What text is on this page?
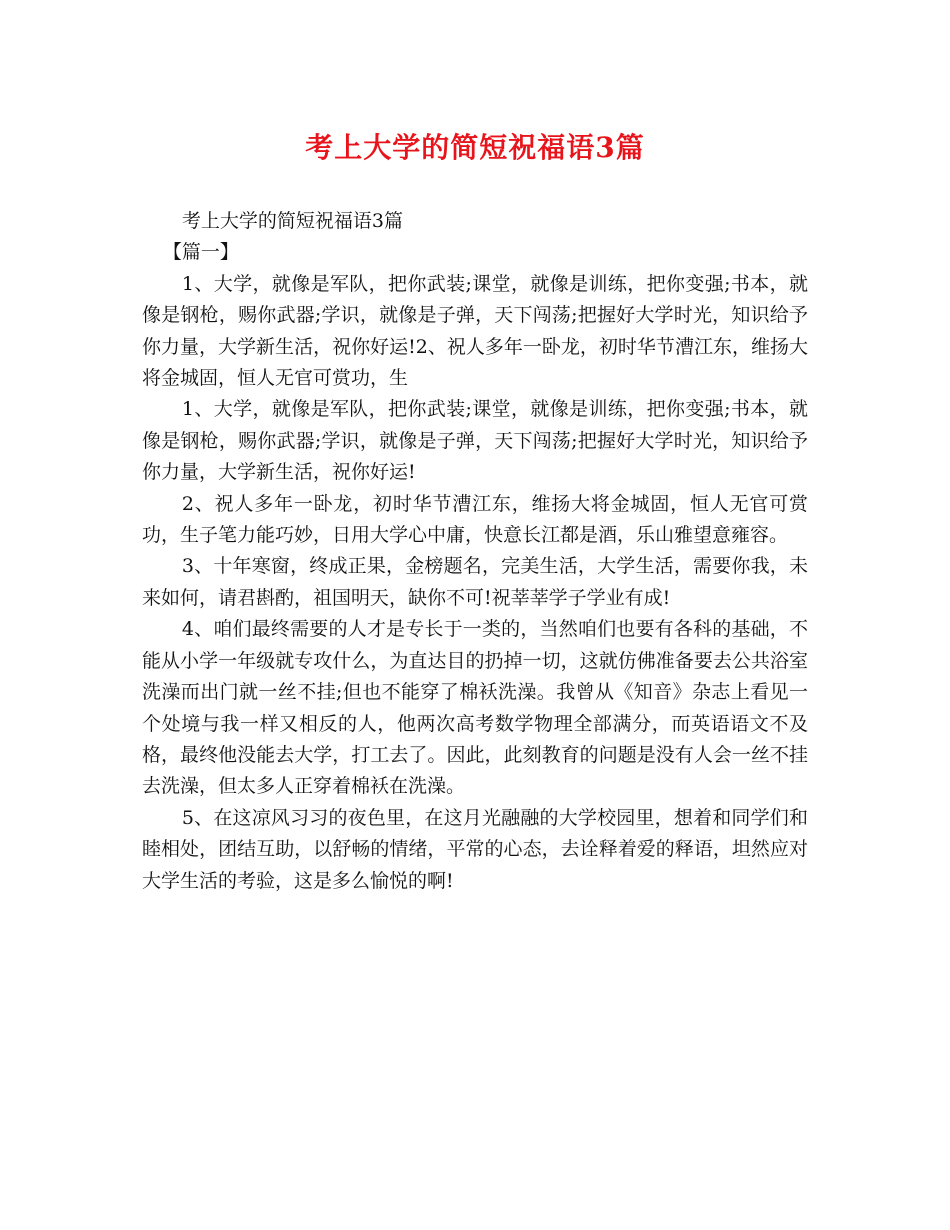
考上大学的简短祝福语3篇

考上大学的简短祝福语3篇

【篇一】

1、大学，就像是军队，把你武装;课堂，就像是训练，把你变强;书本，就像是钢枪，赐你武器;学识，就像是子弹，天下闯荡;把握好大学时光，知识给予你力量，大学新生活，祝你好运!2、祝人多年一卧龙，初时华节漕江东，维扬大将金城固，恒人无官可赏功，生

1、大学，就像是军队，把你武装;课堂，就像是训练，把你变强;书本，就像是钢枪，赐你武器;学识，就像是子弹，天下闯荡;把握好大学时光，知识给予你力量，大学新生活，祝你好运!

2、祝人多年一卧龙，初时华节漕江东，维扬大将金城固，恒人无官可赏功，生子笔力能巧妙，日用大学心中庸，快意长江都是酒，乐山雅望意雍容。

3、十年寒窗，终成正果，金榜题名，完美生活，大学生活，需要你我，未来如何，请君斟酌，祖国明天，缺你不可!祝莘莘学子学业有成!

4、咱们最终需要的人才是专长于一类的，当然咱们也要有各科的基础，不能从小学一年级就专攻什么，为直达目的扔掉一切，这就仿佛准备要去公共浴室洗澡而出门就一丝不挂;但也不能穿了棉袄洗澡。我曾从《知音》杂志上看见一个处境与我一样又相反的人，他两次高考数学物理全部满分，而英语语文不及格，最终他没能去大学，打工去了。因此，此刻教育的问题是没有人会一丝不挂去洗澡，但太多人正穿着棉袄在洗澡。

5、在这凉风习习的夜色里，在这月光融融的大学校园里，想着和同学们和睦相处，团结互助，以舒畅的情绪，平常的心态，去诠释着爱的释语，坦然应对大学生活的考验，这是多么愉悦的啊!
